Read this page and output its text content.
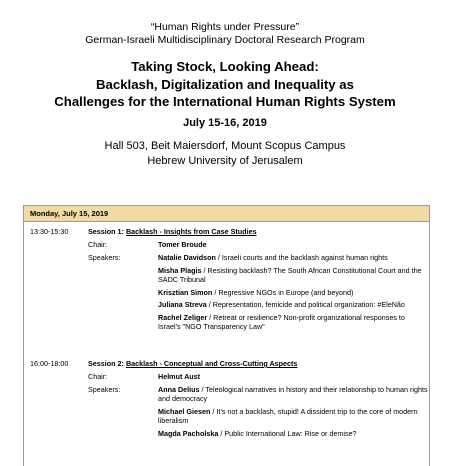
“Human Rights under Pressure”
German-Israeli Multidisciplinary Doctoral Research Program
Taking Stock, Looking Ahead:
Backlash, Digitalization and Inequality as
Challenges for the International Human Rights System
July 15-16, 2019
Hall 503, Beit Maiersdorf, Mount Scopus Campus
Hebrew University of Jerusalem
Monday, July 15, 2019
13:30-15:30	Session 1: Backlash - Insights from Case Studies
Chair:	Tomer Broude
Speakers:	Natalie Davidson / Israeli courts and the backlash against human rights
Misha Plagis / Resisting backlash? The South African Constitutional Court and the SADC Tribunal
Krisztian Simon / Regressive NGOs in Europe (and beyond)
Juliana Streva / Representation, femicide and political organization: #EleNão
Rachel Zeliger / Retreat or resilience? Non-profit organizational responses to Israel's "NGO Transparency Law"
16:00-18:00	Session 2: Backlash - Conceptual and Cross-Cutting Aspects
Chair:	Helmut Aust
Speakers:	Anna Delius / Teleological narratives in history and their relationship to human rights and democracy
Michael Giesen / It’s not a backlash, stupid! A dissident trip to the core of modern liberalism
Magda Pacholska / Public International Law: Rise or demise?
